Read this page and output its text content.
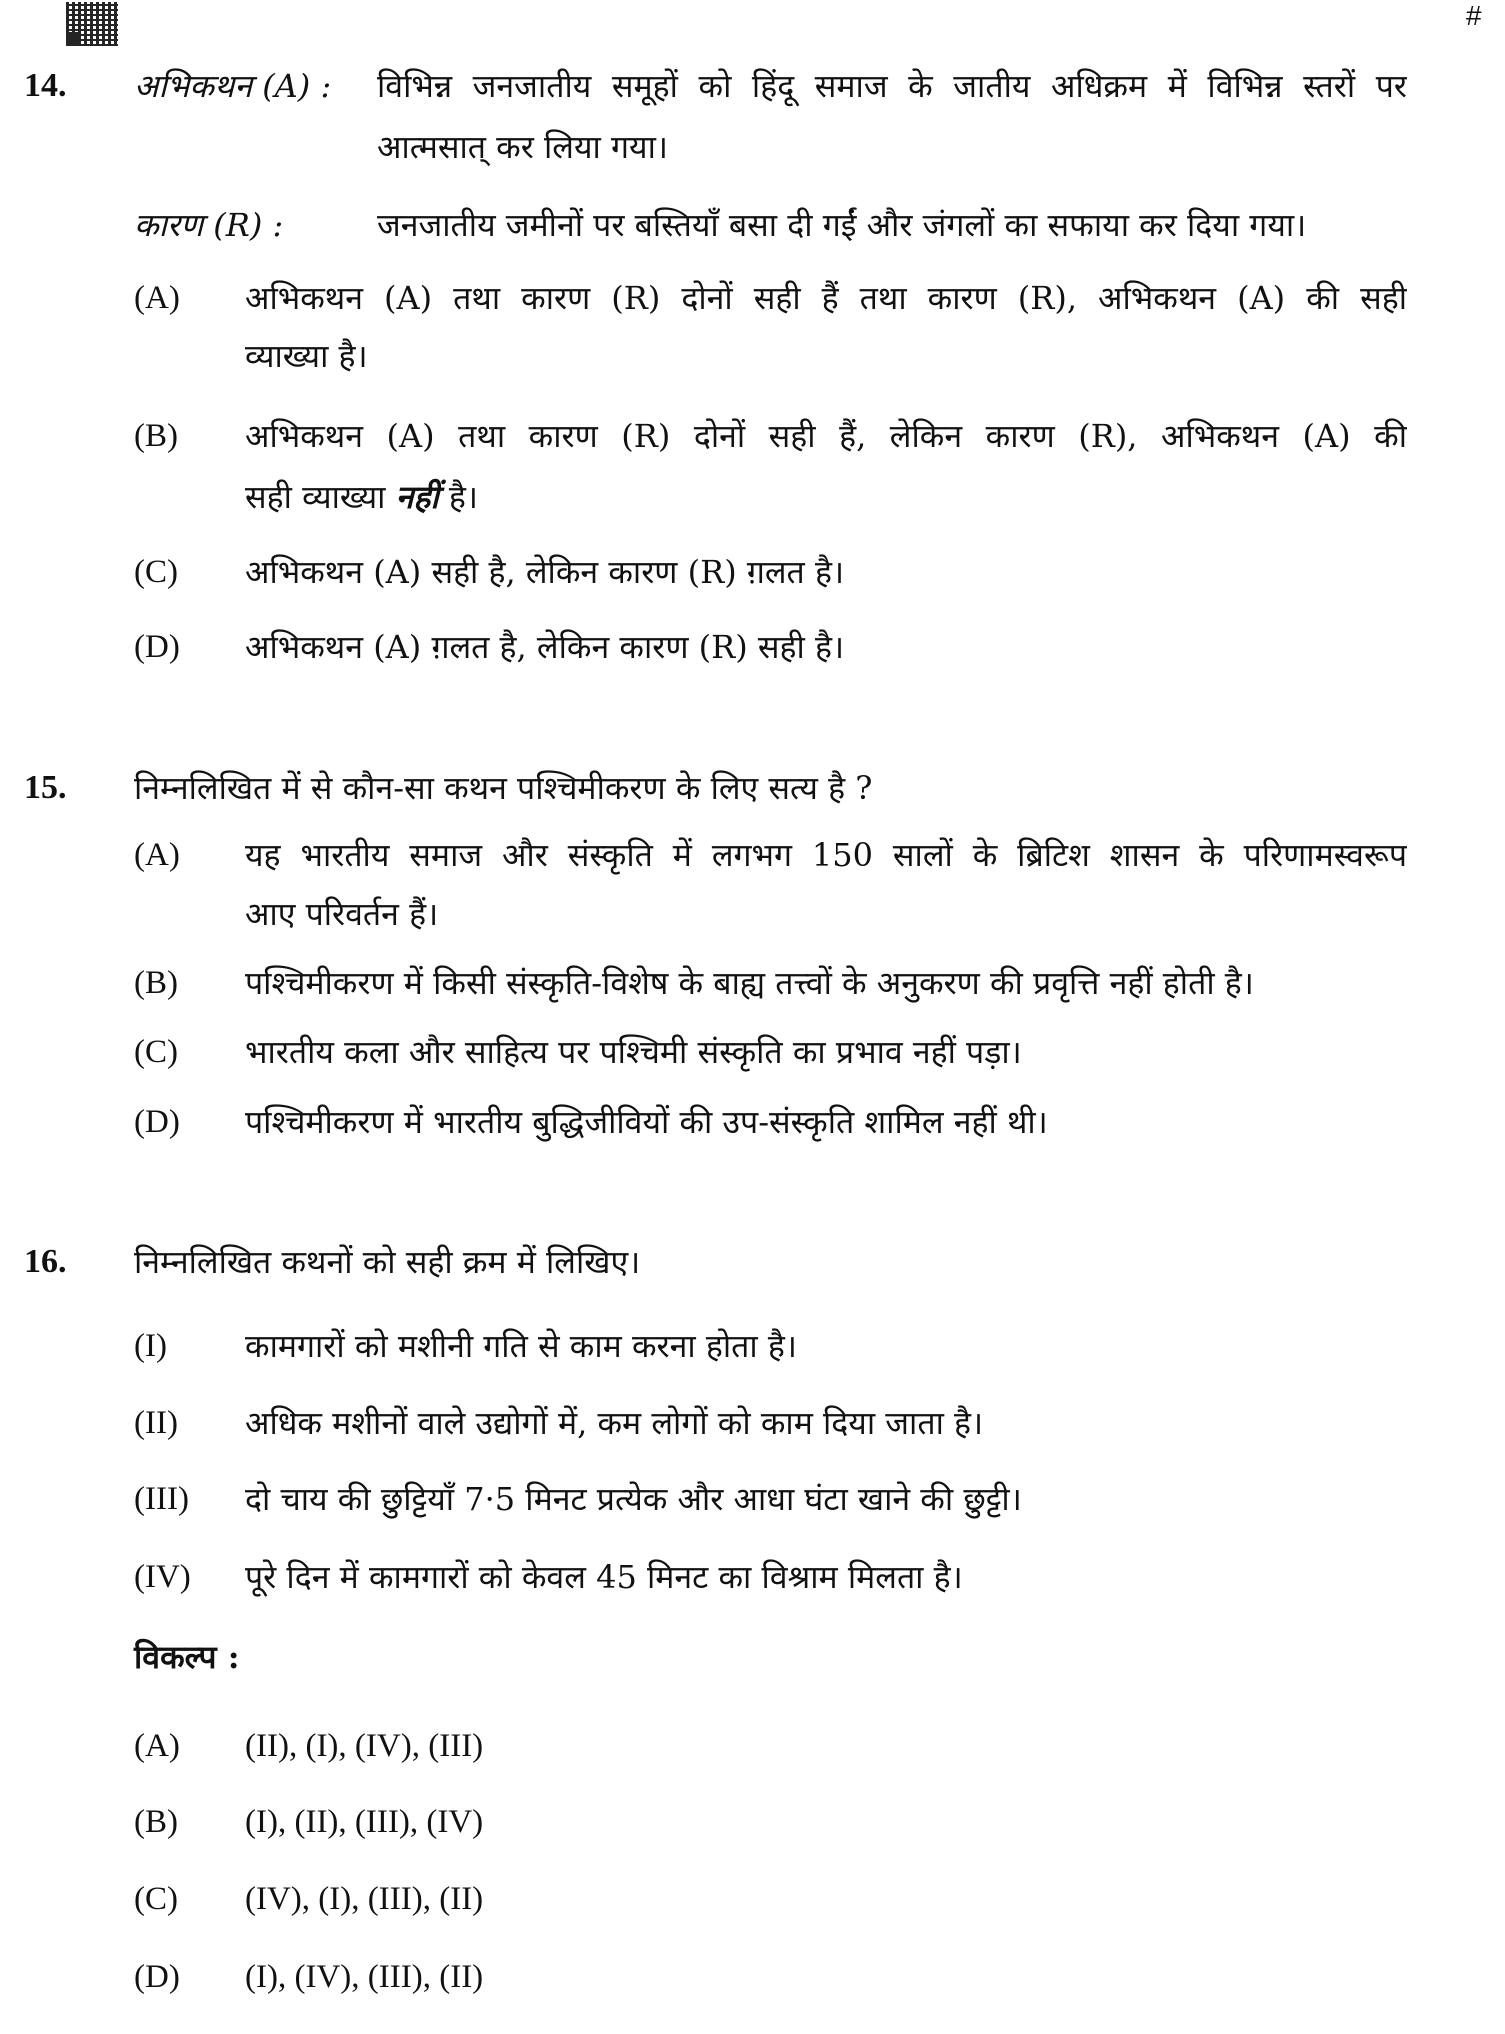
#
14. अभिकथन (A) : विभिन्न जनजातीय समूहों को हिंदू समाज के जातीय अधिक्रम में विभिन्न स्तरों पर
आत्मसात् कर लिया गया।
कारण (R) :	जनजातीय जमीनों पर बस्तियाँ बसा दी गईं और जंगलों का सफाया कर दिया गया।
(A) अभिकथन (A) तथा कारण (R) दोनों सही हैं तथा कारण (R), अभिकथन (A) की सही
व्याख्या है।
(B) अभिकथन (A) तथा कारण (R) दोनों सही हैं, लेकिन कारण (R), अभिकथन (A) की
सही व्याख्या नहीं है।
(C) अभिकथन (A) सही है, लेकिन कारण (R) ग़लत है।
(D) अभिकथन (A) ग़लत है, लेकिन कारण (R) सही है।
15. निम्नलिखित में से कौन-सा कथन पश्चिमीकरण के लिए सत्य है ?
(A) यह भारतीय समाज और संस्कृति में लगभग 150 सालों के ब्रिटिश शासन के परिणामस्वरूप
आए परिवर्तन हैं।
(B) पश्चिमीकरण में किसी संस्कृति-विशेष के बाह्य तत्त्वों के अनुकरण की प्रवृत्ति नहीं होती है।
(C) भारतीय कला और साहित्य पर पश्चिमी संस्कृति का प्रभाव नहीं पड़ा।
(D) पश्चिमीकरण में भारतीय बुद्धिजीवियों की उप-संस्कृति शामिल नहीं थी।
16. निम्नलिखित कथनों को सही क्रम में लिखिए।
(I) कामगारों को मशीनी गति से काम करना होता है।
(II) अधिक मशीनों वाले उद्योगों में, कम लोगों को काम दिया जाता है।
(III) दो चाय की छुट्टियाँ 7·5 मिनट प्रत्येक और आधा घंटा खाने की छुट्टी।
(IV) पूरे दिन में कामगारों को केवल 45 मिनट का विश्राम मिलता है।
विकल्प :
(A) (II), (I), (IV), (III)
(B) (I), (II), (III), (IV)
(C) (IV), (I), (III), (II)
(D) (I), (IV), (III), (II)
